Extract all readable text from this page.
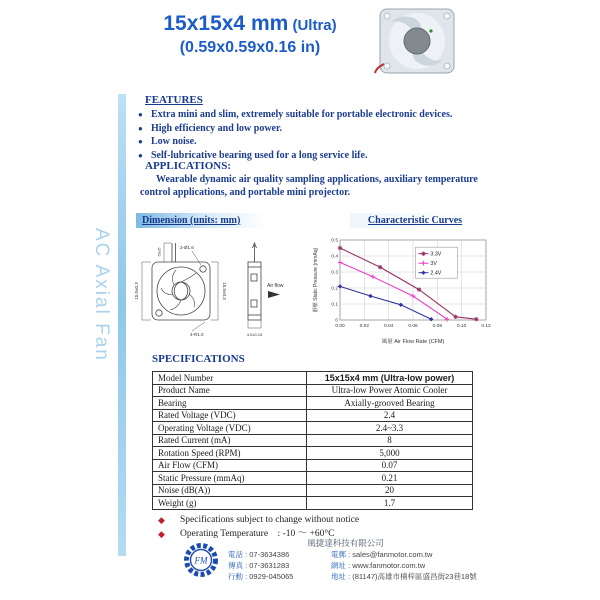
15x15x4 mm (Ultra)
(0.59x0.59x0.16 in)
AC Axial Fan
FEATURES
● Extra mini and slim, extremely suitable for portable electronic devices.
● High efficiency and low power.
● Low noise.
● Self-lubricative bearing used for a long service life.
APPLICATIONS:

Wearable dynamic air quality sampling applications, auxiliary temperature control applications, and portable mini projector.

Dimension (units: mm)	Characteristic Curves
15.0±0.3	15.0±0.3
2-Ø1.6
50±5
4-R1.0
Air flow
4.0±0.15
0.00	0.02	0.04	0.06	0.08	0.10	0.12
0
0.1
0.2
0.3
0.4
0.5
風量 Air Flow Rate (CFM)
靜壓 Static Pressure (mmAq)	3.3V
3V
2.4V
SPECIFICATIONS
Model Number	15x15x4 mm (Ultra-low power)
Product Name	Ultra-low Power Atomic Cooler
Bearing	Axially-grooved Bearing
Rated Voltage (VDC)	2.4
Operating Voltage (VDC)	2.4~3.3
Rated Current (mA)	8
Rotation Speed (RPM)	5,000
Air Flow (CFM)	0.07
Static Pressure (mmAq)	0.21
Noise (dB(A))	20
Weight (g)	1.7
◆ Specifications subject to change without notice
◆ Operating Temperature　: -10 ～ +60°C
FM
風捷達科技有限公司
電話 : 07-3634386
傳真 : 07-3631283
行動 : 0929-045065
電郵 : sales@fanmotor.com.tw
網址 : www.fanmotor.com.tw
地址 : (81147)高雄市楠梓區盛昌街23巷18號
